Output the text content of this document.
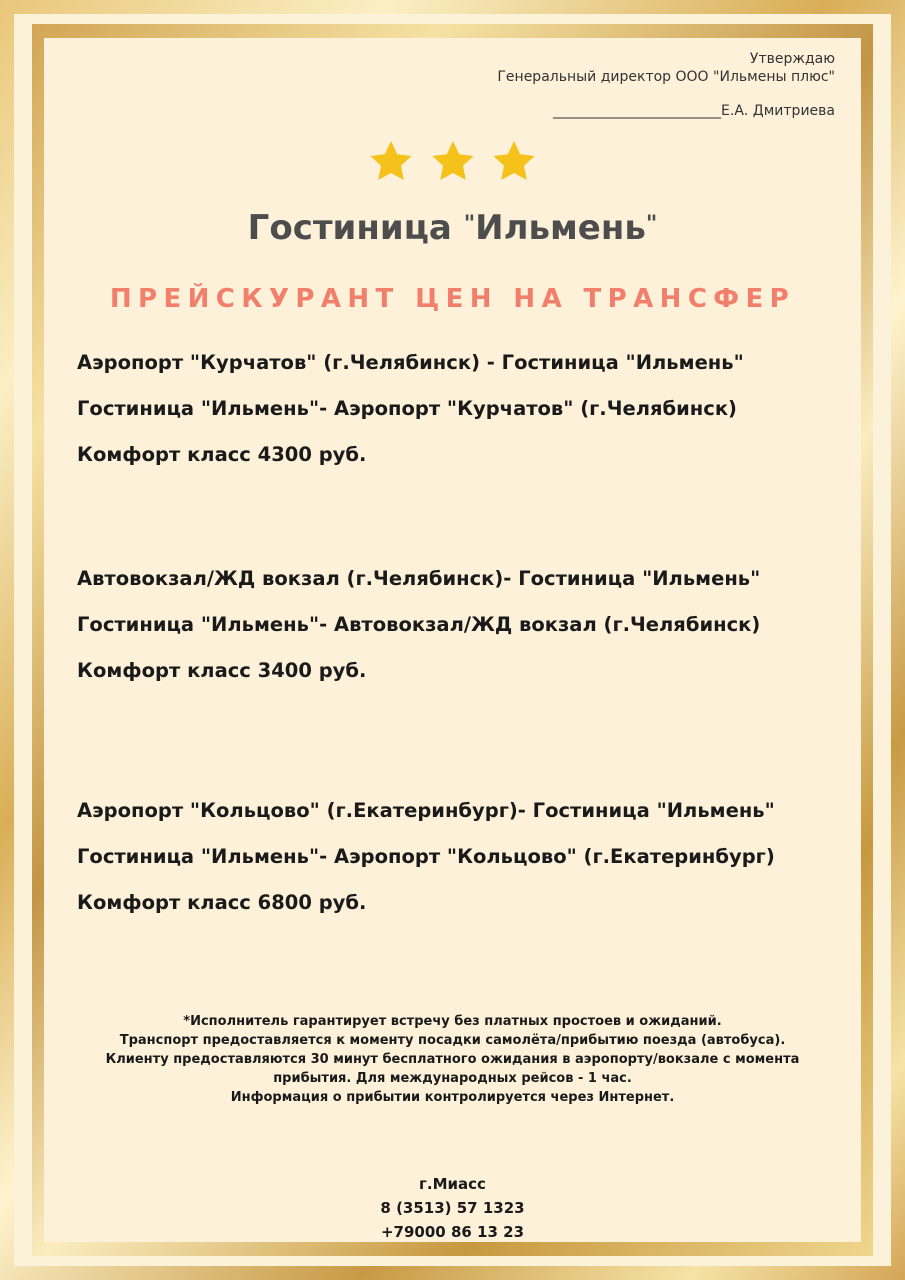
Утверждаю
Генеральный директор ООО "Ильмены плюс"
________________________Е.А. Дмитриева

Гостиница "Ильмень"
ПРЕЙСКУРАНТ ЦЕН НА ТРАНСФЕР
Аэропорт "Курчатов" (г.Челябинск) - Гостиница "Ильмень"
Гостиница "Ильмень"- Аэропорт "Курчатов" (г.Челябинск)
Комфорт класс 4300 руб.
Автовокзал/ЖД вокзал (г.Челябинск)- Гостиница "Ильмень"
Гостиница "Ильмень"- Автовокзал/ЖД вокзал (г.Челябинск)
Комфорт класс 3400 руб.
Аэропорт "Кольцово" (г.Екатеринбург)- Гостиница "Ильмень"
Гостиница "Ильмень"- Аэропорт "Кольцово" (г.Екатеринбург)
Комфорт класс 6800 руб.
*Исполнитель гарантирует встречу без платных простоев и ожиданий.
Транспорт предоставляется к моменту посадки самолёта/прибытию поезда (автобуса).
Клиенту предоставляются 30 минут бесплатного ожидания в аэропорту/вокзале с момента
прибытия. Для международных рейсов - 1 час.
Информация о прибытии контролируется через Интернет.
г.Миасс
8 (3513) 57 1323
+79000 86 13 23
